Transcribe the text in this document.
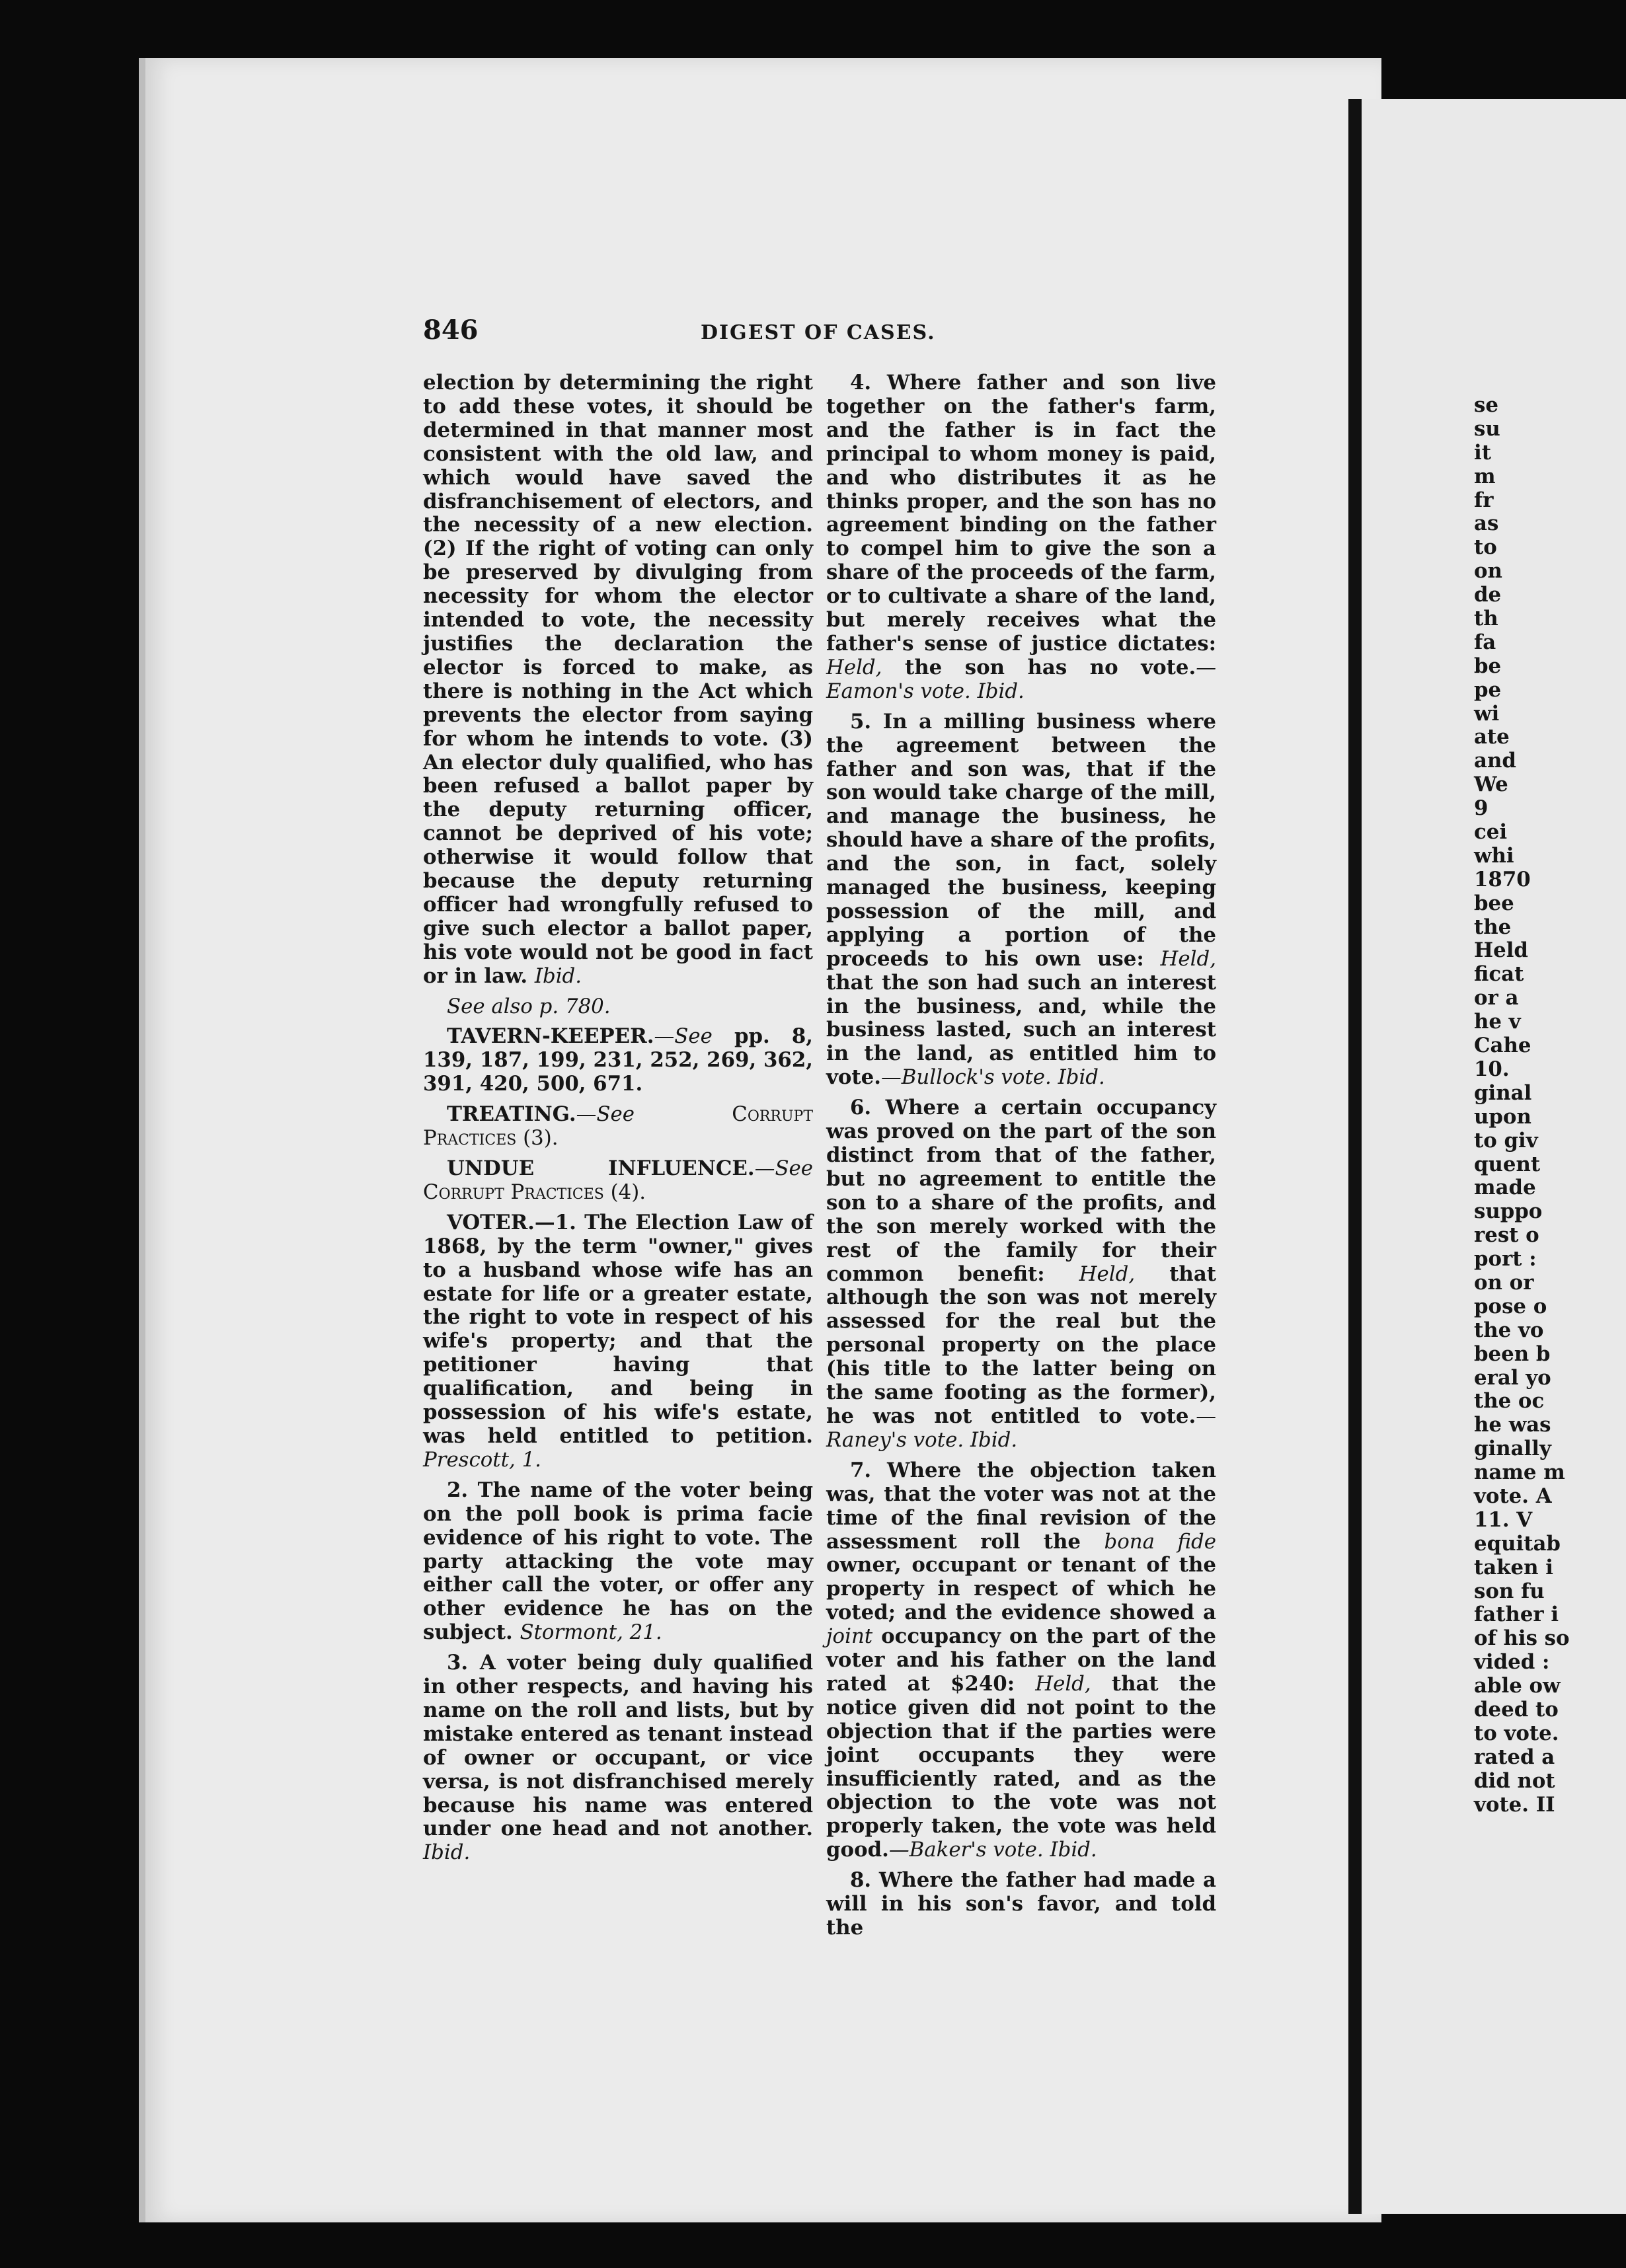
846	DIGEST OF CASES.

election by determining the right to add these votes, it should be determined in that manner most consistent with the old law, and which would have saved the disfranchisement of electors, and the necessity of a new election. (2) If the right of voting can only be preserved by divulging from necessity for whom the elector intended to vote, the necessity justifies the declaration the elector is forced to make, as there is nothing in the Act which prevents the elector from saying for whom he intends to vote. (3) An elector duly qualified, who has been refused a ballot paper by the deputy returning officer, cannot be deprived of his vote; otherwise it would follow that because the deputy returning officer had wrongfully refused to give such elector a ballot paper, his vote would not be good in fact or in law. Ibid.

See also p. 780.

TAVERN-KEEPER.—See pp. 8, 139, 187, 199, 231, 252, 269, 362, 391, 420, 500, 671.

TREATING.—See	Corrupt Practices (3).

UNDUE INFLUENCE.—See Corrupt Practices (4).

VOTER.—1. The Election Law of 1868, by the term "owner," gives to a husband whose wife has an estate for life or a greater estate, the right to vote in respect of his wife's property; and that the petitioner having that qualification, and being in possession of his wife's estate, was held entitled to petition. Prescott, 1.

2. The name of the voter being on the poll book is prima facie evidence of his right to vote. The party attacking the vote may either call the voter, or offer any other evidence he has on the subject. Stormont, 21.

3. A voter being duly qualified in other respects, and having his name on the roll and lists, but by mistake entered as tenant instead of owner or occupant, or vice versa, is not disfranchised merely because his name was entered under one head and not another. Ibid.

4. Where father and son live together on the father's farm, and the father is in fact the principal to whom money is paid, and who distributes it as he thinks proper, and the son has no agreement binding on the father to compel him to give the son a share of the proceeds of the farm, or to cultivate a share of the land, but merely receives what the father's sense of justice dictates: Held, the son has no vote.—Eamon's vote. Ibid.

5. In a milling business where the agreement between the father and son was, that if the son would take charge of the mill, and manage the business, he should have a share of the profits, and the son, in fact, solely managed the business, keeping possession of the mill, and applying a portion of the proceeds to his own use: Held, that the son had such an interest in the business, and, while the business lasted, such an interest in the land, as entitled him to vote.—Bullock's vote. Ibid.

6. Where a certain occupancy was proved on the part of the son distinct from that of the father, but no agreement to entitle the son to a share of the profits, and the son merely worked with the rest of the family for their common benefit: Held, that although the son was not merely assessed for the real but the personal property on the place (his title to the latter being on the same footing as the former), he was not entitled to vote.—Raney's vote. Ibid.

7. Where the objection taken was, that the voter was not at the time of the final revision of the assessment roll the bona fide owner, occupant or tenant of the property in respect of which he voted; and the evidence showed a joint occupancy on the part of the voter and his father on the land rated at $240: Held, that the notice given did not point to the objection that if the parties were joint occupants they were insufficiently rated, and as the objection to the vote was not properly taken, the vote was held good.—Baker's vote. Ibid.

8. Where the father had made a will in his son's favor, and told the

se
su
it
m
fr
as
to
on
de
th
fa
be
pe
wi
ate
and
We
9
cei
whi
1870
bee
the
Held
ficat
or a
he v
Cahe
10.
ginal
upon
to giv
quent
made
suppo
rest o
port :
on or
pose o
the vo
been b
eral yo
the oc
he was
ginally
name m
vote. A
11. V
equitab
taken i
son fu
father i
of his so
vided :
able ow
deed to
to vote.
rated a
did not
vote. II
